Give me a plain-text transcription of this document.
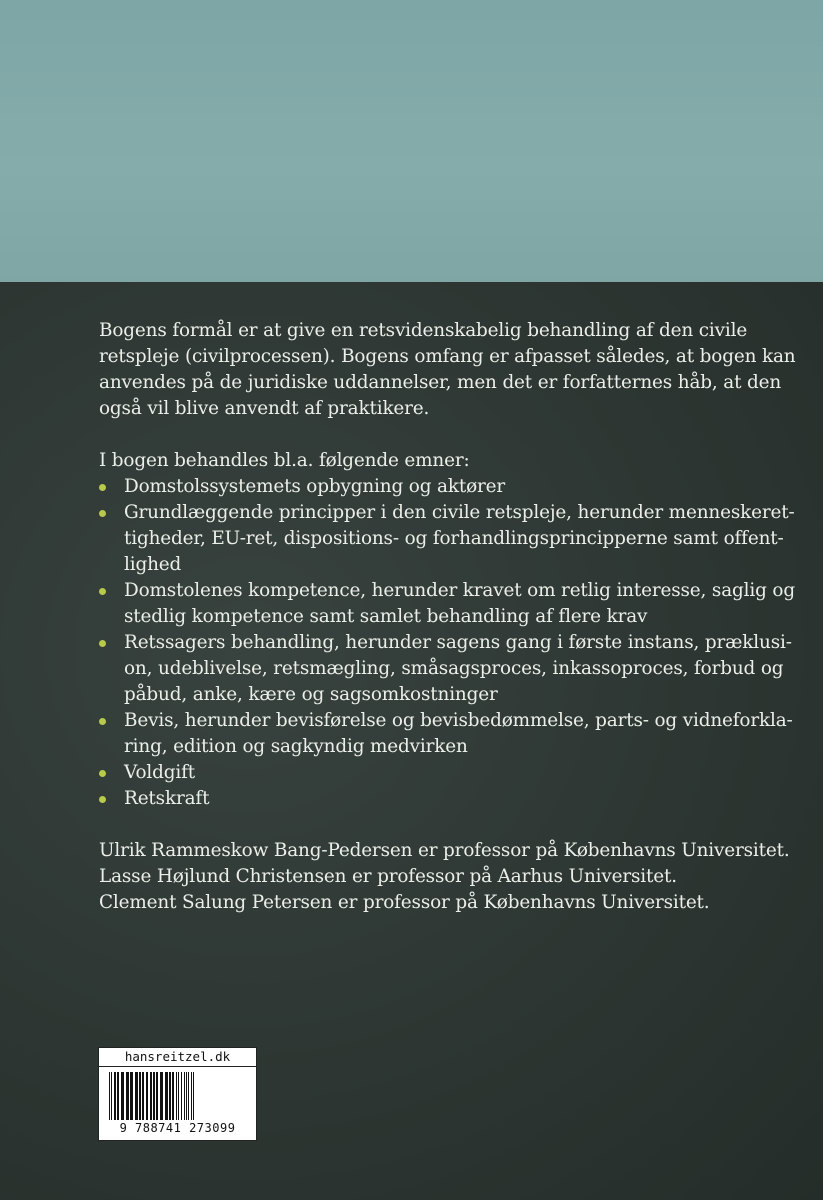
Bogens formål er at give en retsvidenskabelig behandling af den civile
retspleje (civilprocessen). Bogens omfang er afpasset således, at bogen kan
anvendes på de juridiske uddannelser, men det er forfatternes håb, at den
også vil blive anvendt af praktikere.

I bogen behandles bl.a. følgende emner:

Domstolssystemets opbygning og aktører
Grundlæggende principper i den civile retspleje, herunder menneskeret-
tigheder, EU-ret, dispositions- og forhandlingsprincipperne samt offent-
lighed
Domstolenes kompetence, herunder kravet om retlig interesse, saglig og
stedlig kompetence samt samlet behandling af flere krav
Retssagers behandling, herunder sagens gang i første instans, præklusi-
on, udeblivelse, retsmægling, småsagsproces, inkassoproces, forbud og
påbud, anke, kære og sagsomkostninger
Bevis, herunder bevisførelse og bevisbedømmelse, parts- og vidneforkla-
ring, edition og sagkyndig medvirken
Voldgift
Retskraft

Ulrik Rammeskow Bang-Pedersen er professor på Københavns Universitet.
Lasse Højlund Christensen er professor på Aarhus Universitet.
Clement Salung Petersen er professor på Københavns Universitet.

hansreitzel.dk
9 788741 273099
